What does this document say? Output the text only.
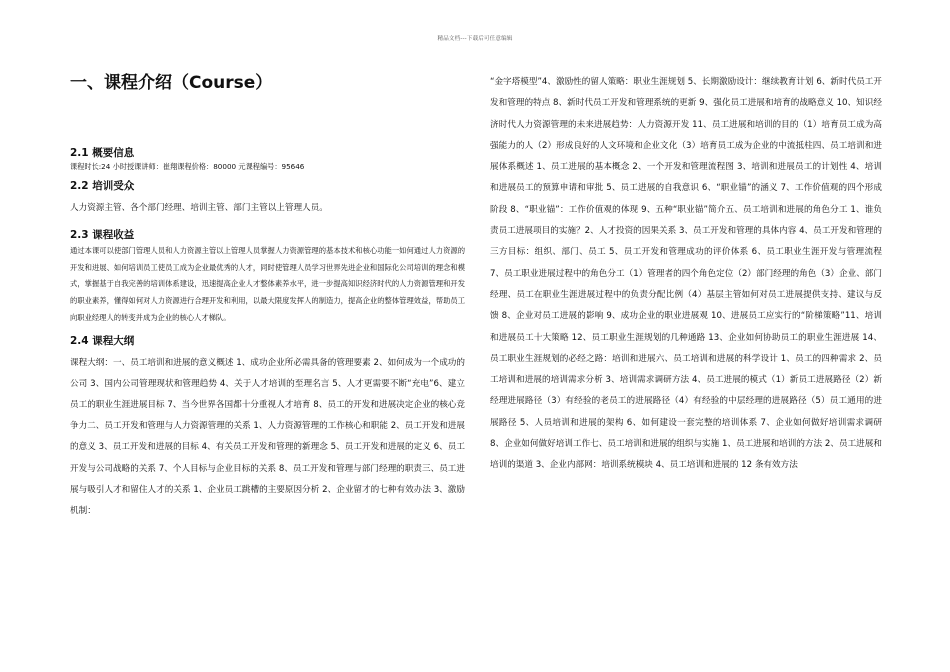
精品文档---下载后可任意编辑
一、课程介绍（Course）
2.1 概要信息

课程时长:24 小时授课讲师：崔翔课程价格：80000 元课程编号：95646

2.2 培训受众

人力资源主管、各个部门经理、培训主管、部门主管以上管理人员。

2.3 课程收益

通过本课可以使部门管理人员和人力资源主管以上管理人员掌握人力资源管理的基本技术和核心功能一如何通过人力资源的开发和进展、如何培训员工使员工成为企业最优秀的人才，同时使管理人员学习世界先进企业和国际化公司培训的理念和模式，掌握基于自我完善的培训体系建设，迅速提高企业人才整体素养水平，进一步提高知识经济时代的人力资源管理和开发的职业素养，懂得如何对人力资源进行合理开发和利用，以最大限度发挥人的制造力，提高企业的整体管理效益，帮助员工向职业经理人的转变并成为企业的核心人才梯队。

2.4 课程大纲

课程大纲：一、员工培训和进展的意义概述 1、成功企业所必需具备的管理要素 2、如何成为一个成功的公司 3、国内公司管理现状和管理趋势 4、关于人才培训的至理名言 5、人才更需要不断“充电”6、建立员工的职业生涯进展目标 7、当今世界各国都十分重视人才培育 8、员工的开发和进展决定企业的核心竞争力二、员工开发和管理与人力资源管理的关系 1、人力资源管理的工作核心和职能 2、员工开发和进展的意义 3、员工开发和进展的目标 4、有关员工开发和管理的新理念 5、员工开发和进展的定义 6、员工开发与公司战略的关系 7、个人目标与企业目标的关系 8、员工开发和管理与部门经理的职责三、员工进展与吸引人才和留住人才的关系 1、企业员工跳槽的主要原因分析 2、企业留才的七种有效办法 3、激励机制：

“金字塔模型”4、激励性的留人策略：职业生涯规划 5、长期激励设计：继续教育计划 6、新时代员工开发和管理的特点 8、新时代员工开发和管理系统的更新 9、强化员工进展和培育的战略意义 10、知识经济时代人力资源管理的未来进展趋势：人力资源开发 11、员工进展和培训的目的（1）培育员工成为高强能力的人（2）形成良好的人文环境和企业文化（3）培育员工成为企业的中流抵柱四、员工培训和进展体系概述 1、员工进展的基本概念 2、一个开发和管理流程图 3、培训和进展员工的计划性 4、培训和进展员工的预算申请和审批 5、员工进展的自我意识 6、“职业锚”的涵义 7、工作价值观的四个形成阶段 8、“职业锚”：工作价值观的体现 9、五种“职业锚”简介五、员工培训和进展的角色分工 1、谁负责员工进展项目的实施？2、人才投资的因果关系 3、员工开发和管理的具体内容 4、员工开发和管理的三方目标：组织、部门、员工 5、员工开发和管理成功的评价体系 6、员工职业生涯开发与管理流程 7、员工职业进展过程中的角色分工（1）管理者的四个角色定位（2）部门经理的角色（3）企业、部门经理、员工在职业生涯进展过程中的负责分配比例（4）基层主管如何对员工进展提供支持、建议与反馈 8、企业对员工进展的影响 9、成功企业的职业进展观 10、进展员工应实行的“阶梯策略”11、培训和进展员工十大策略 12、员工职业生涯规划的几种通路 13、企业如何协助员工的职业生涯进展 14、员工职业生涯规划的必经之路：培训和进展六、员工培训和进展的科学设计 1、员工的四种需求 2、员工培训和进展的培训需求分析 3、培训需求调研方法 4、员工进展的模式（1）新员工进展路径（2）新经理进展路径（3）有经验的老员工的进展路径（4）有经验的中层经理的进展路径（5）员工通用的进展路径 5、人员培训和进展的架构 6、如何建设一套完整的培训体系 7、企业如何做好培训需求调研 8、企业如何做好培训工作七、员工培训和进展的组织与实施 1、员工进展和培训的方法 2、员工进展和培训的渠道 3、企业内部网：培训系统模块 4、员工培训和进展的 12 条有效方法
